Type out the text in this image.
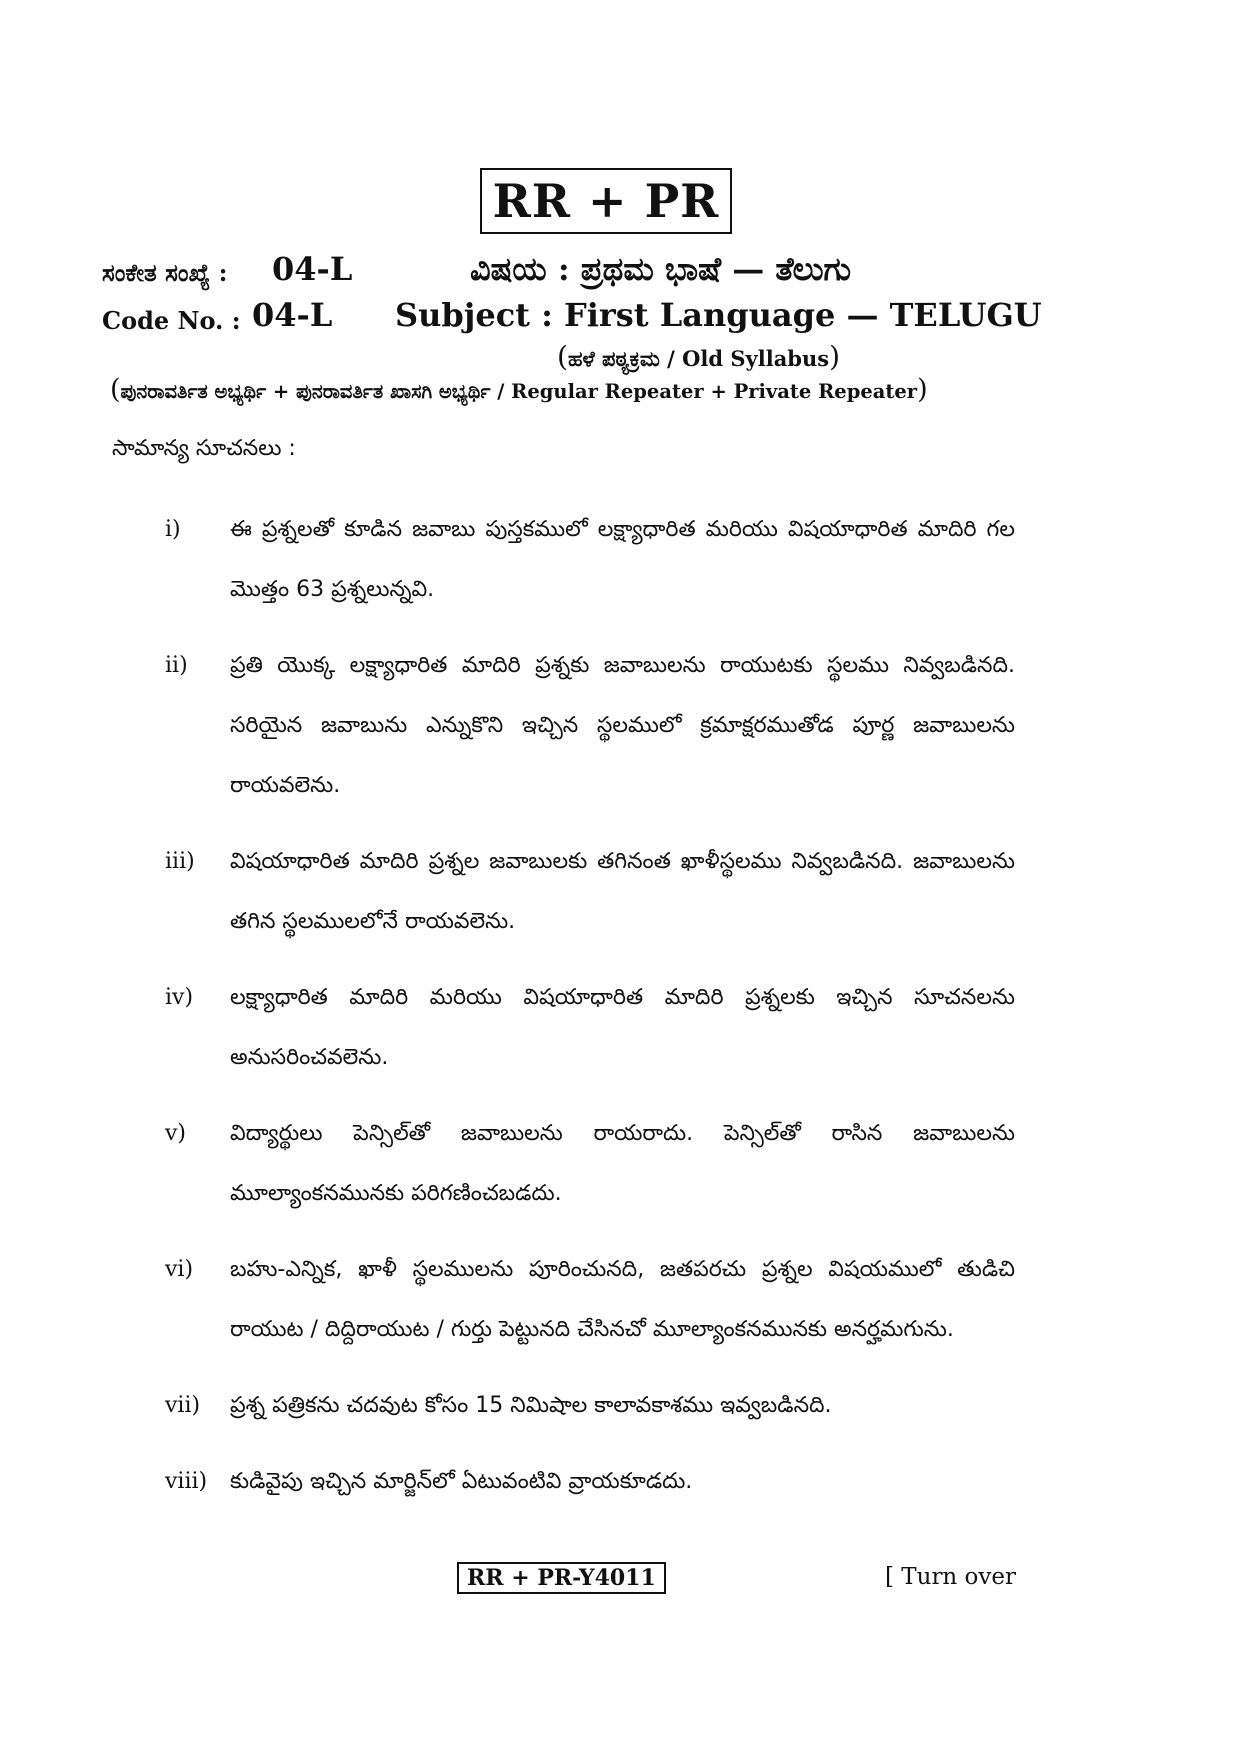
RR + PR
ಸಂಕೇತ ಸಂಖ್ಯೆ : 04-L	ವಿಷಯ : ಪ್ರಥಮ ಭಾಷೆ — ತೆಲುಗು
Code No. : 04-L Subject : First Language — TELUGU
(ಹಳೆ ಪಠ್ಯಕ್ರಮ / Old Syllabus)
(ಪುನರಾವರ್ತಿತ ಅಭ್ಯರ್ಥಿ + ಪುನರಾವರ್ತಿತ ಖಾಸಗಿ ಅಭ್ಯರ್ಥಿ / Regular Repeater + Private Repeater)
సామాన్య సూచనలు :
i) ఈ ప్రశ్నలతో కూడిన జవాబు పుస్తకములో లక్ష్యాధారిత మరియు విషయాధారిత మాదిరి గల మొత్తం 63 ప్రశ్నలున్నవి.
ii) ప్రతి యొక్క లక్ష్యాధారిత మాదిరి ప్రశ్నకు జవాబులను రాయుటకు స్థలము నివ్వబడినది. సరియైన జవాబును ఎన్నుకొని ఇచ్చిన స్థలములో క్రమాక్షరముతోడ పూర్ణ జవాబులను రాయవలెను.
iii) విషయాధారిత మాదిరి ప్రశ్నల జవాబులకు తగినంత ఖాళీస్థలము నివ్వబడినది. జవాబులను తగిన స్థలములలోనే రాయవలెను.
iv) లక్ష్యాధారిత మాదిరి మరియు విషయాధారిత మాదిరి ప్రశ్నలకు ఇచ్చిన సూచనలను అనుసరించవలెను.
v) విద్యార్థులు పెన్సిల్‌తో జవాబులను రాయరాదు. పెన్సిల్‌తో రాసిన జవాబులను మూల్యాంకనమునకు పరిగణించబడదు.
vi) బహు-ఎన్నిక, ఖాళీ స్థలములను పూరించునది, జతపరచు ప్రశ్నల విషయములో తుడిచి రాయుట / దిద్దిరాయుట / గుర్తు పెట్టునది చేసినచో మూల్యాంకనమునకు అనర్హమగును.
vii) ప్రశ్న పత్రికను చదవుట కోసం 15 నిమిషాల కాలావకాశము ఇవ్వబడినది.
viii) కుడివైపు ఇచ్చిన మార్జిన్‌లో ఏటువంటివి వ్రాయకూడదు.
RR + PR-Y4011	[ Turn over
